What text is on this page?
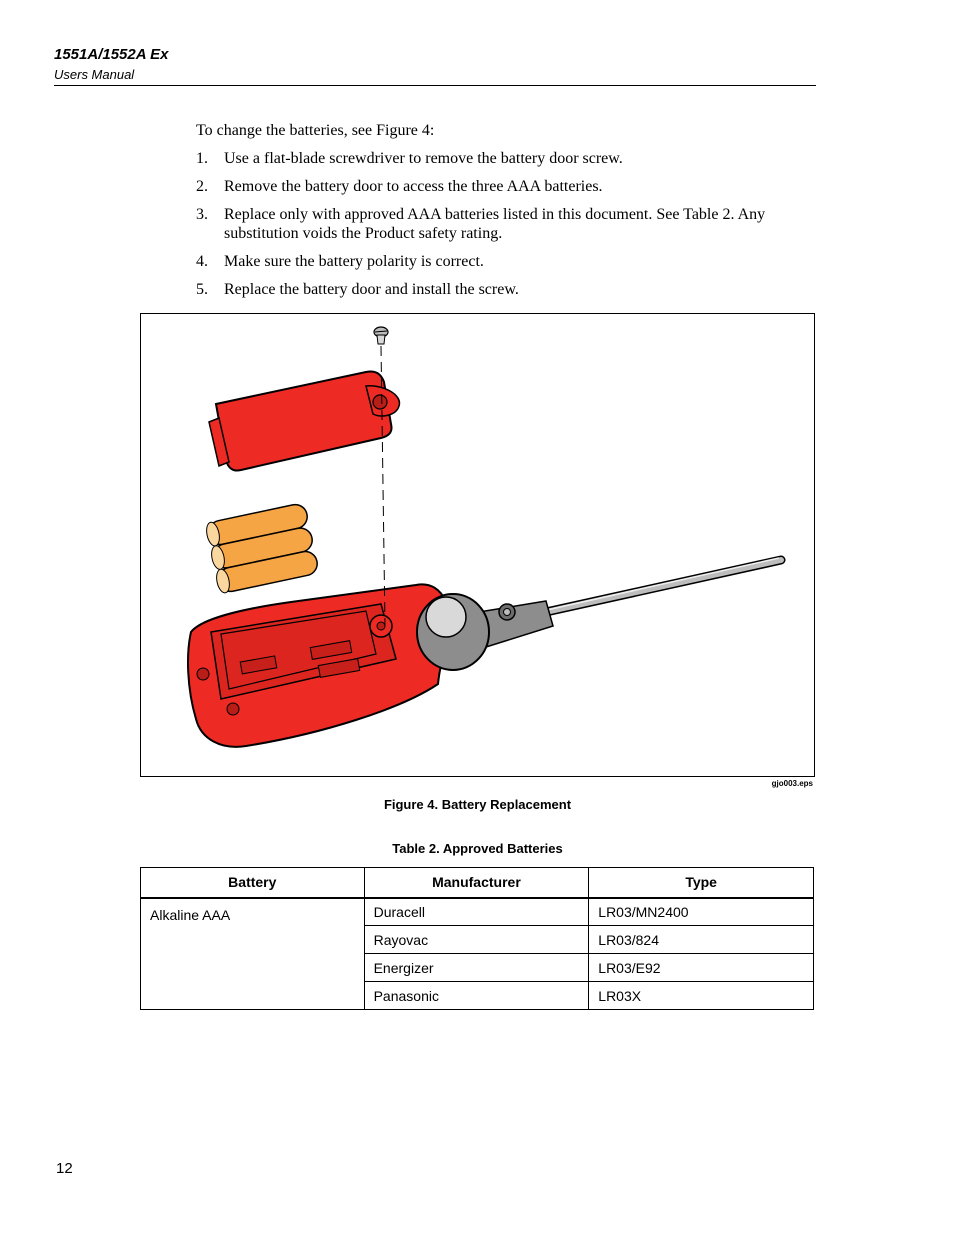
1551A/1552A Ex
Users Manual

To change the batteries, see Figure 4:

1. Use a flat-blade screwdriver to remove the battery door screw.
2. Remove the battery door to access the three AAA batteries.
3. Replace only with approved AAA batteries listed in this document. See Table 2. Any substitution voids the Product safety rating.
4. Make sure the battery polarity is correct.
5. Replace the battery door and install the screw.
gjo003.eps
Figure 4. Battery Replacement
Table 2. Approved Batteries
Battery	Manufacturer	Type
Alkaline AAA	Duracell	LR03/MN2400
	Rayovac	LR03/824
	Energizer	LR03/E92
	Panasonic	LR03X
12
